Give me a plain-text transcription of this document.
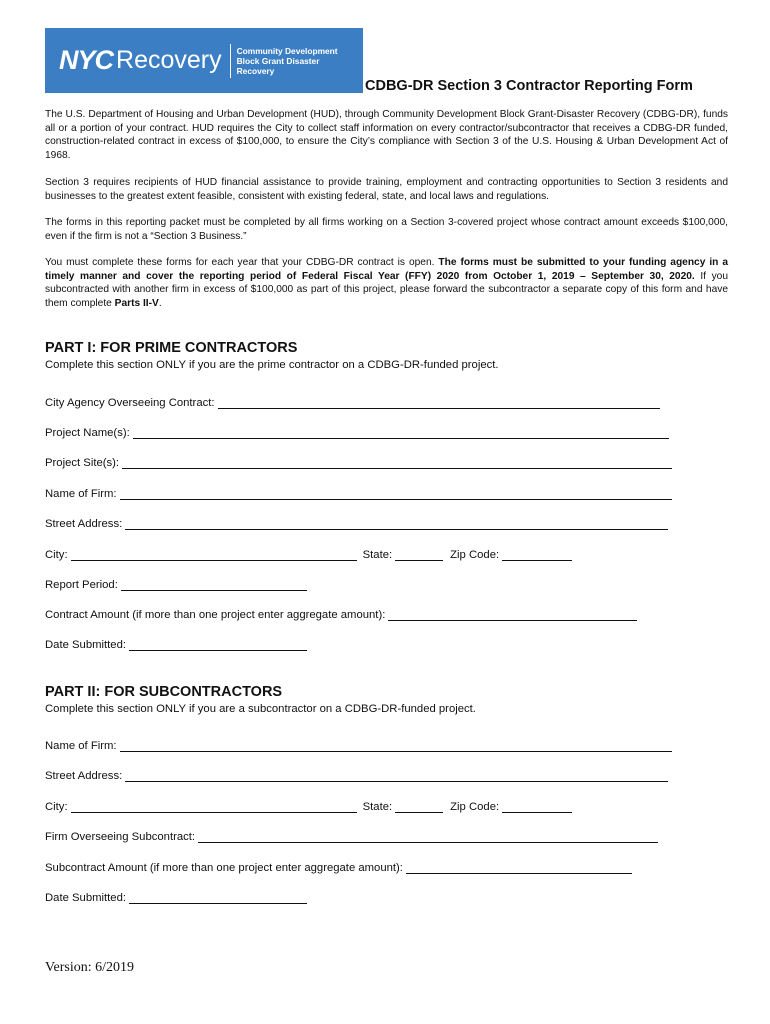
NYC Recovery Community Development
Block Grant Disaster
Recovery
CDBG-DR Section 3 Contractor Reporting Form

The U.S. Department of Housing and Urban Development (HUD), through Community Development Block Grant-Disaster Recovery (CDBG-DR), funds all or a portion of your contract. HUD requires the City to collect staff information on every contractor/subcontractor that receives a CDBG-DR funded, construction-related contract in excess of $100,000, to ensure the City’s compliance with Section 3 of the U.S. Housing & Urban Development Act of 1968.

Section 3 requires recipients of HUD financial assistance to provide training, employment and contracting opportunities to Section 3 residents and businesses to the greatest extent feasible, consistent with existing federal, state, and local laws and regulations.

The forms in this reporting packet must be completed by all firms working on a Section 3-covered project whose contract amount exceeds $100,000, even if the firm is not a “Section 3 Business.”

You must complete these forms for each year that your CDBG-DR contract is open. The forms must be submitted to your funding agency in a timely manner and cover the reporting period of Federal Fiscal Year (FFY) 2020 from October 1, 2019 – September 30, 2020. If you subcontracted with another firm in excess of $100,000 as part of this project, please forward the subcontractor a separate copy of this form and have them complete Parts II-V.

PART I: FOR PRIME CONTRACTORS
Complete this section ONLY if you are the prime contractor on a CDBG-DR-funded project.
City Agency Overseeing Contract:
Project Name(s):
Project Site(s):
Name of Firm:
Street Address:
City:	State:	Zip Code:
Report Period:
Contract Amount (if more than one project enter aggregate amount):
Date Submitted:
PART II: FOR SUBCONTRACTORS
Complete this section ONLY if you are a subcontractor on a CDBG-DR-funded project.
Name of Firm:
Street Address:
City:	State:	Zip Code:
Firm Overseeing Subcontract:
Subcontract Amount (if more than one project enter aggregate amount):
Date Submitted:
Version: 6/2019
